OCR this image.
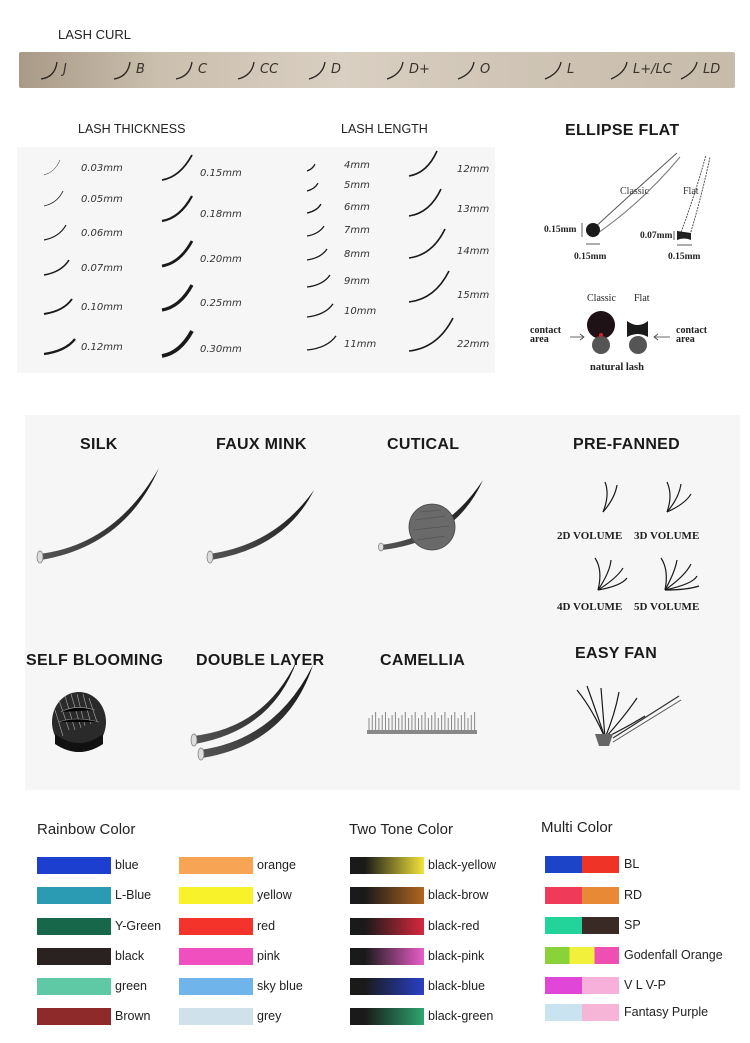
LASH CURL
J	B	C	CC	D	D+	O	L	L+/LC LD
LASH THICKNESS	LASH LENGTH
0.03mm
0.05mm
0.06mm
0.07mm
0.10mm
0.12mm
0.15mm
0.18mm
0.20mm
0.25mm
0.30mm
4mm
5mm
6mm
7mm
8mm
9mm
10mm
11mm
12mm
13mm
14mm
15mm
22mm
ELLIPSE FLAT
Classic	Flat
0.15mm
0.15mm
0.07mm
0.15mm
Classic Flat
contact
area
contact
area
natural lash
SILK	FAUX MINK	CUTICAL	PRE-FANNED
2D VOLUME 3D VOLUME
4D VOLUME 5D VOLUME
SELF BLOOMING DOUBLE LAYER	CAMELLIA	EASY FAN
Rainbow Color	Two Tone Color	Multi Color
blue
L-Blue
Y-Green
black
green
Brown
orange
yellow
red
pink
sky blue
grey
black-yellow
black-brow
black-red
black-pink
black-blue
black-green
BL
RD
SP
Godenfall Orange
V L V-P
Fantasy Purple
